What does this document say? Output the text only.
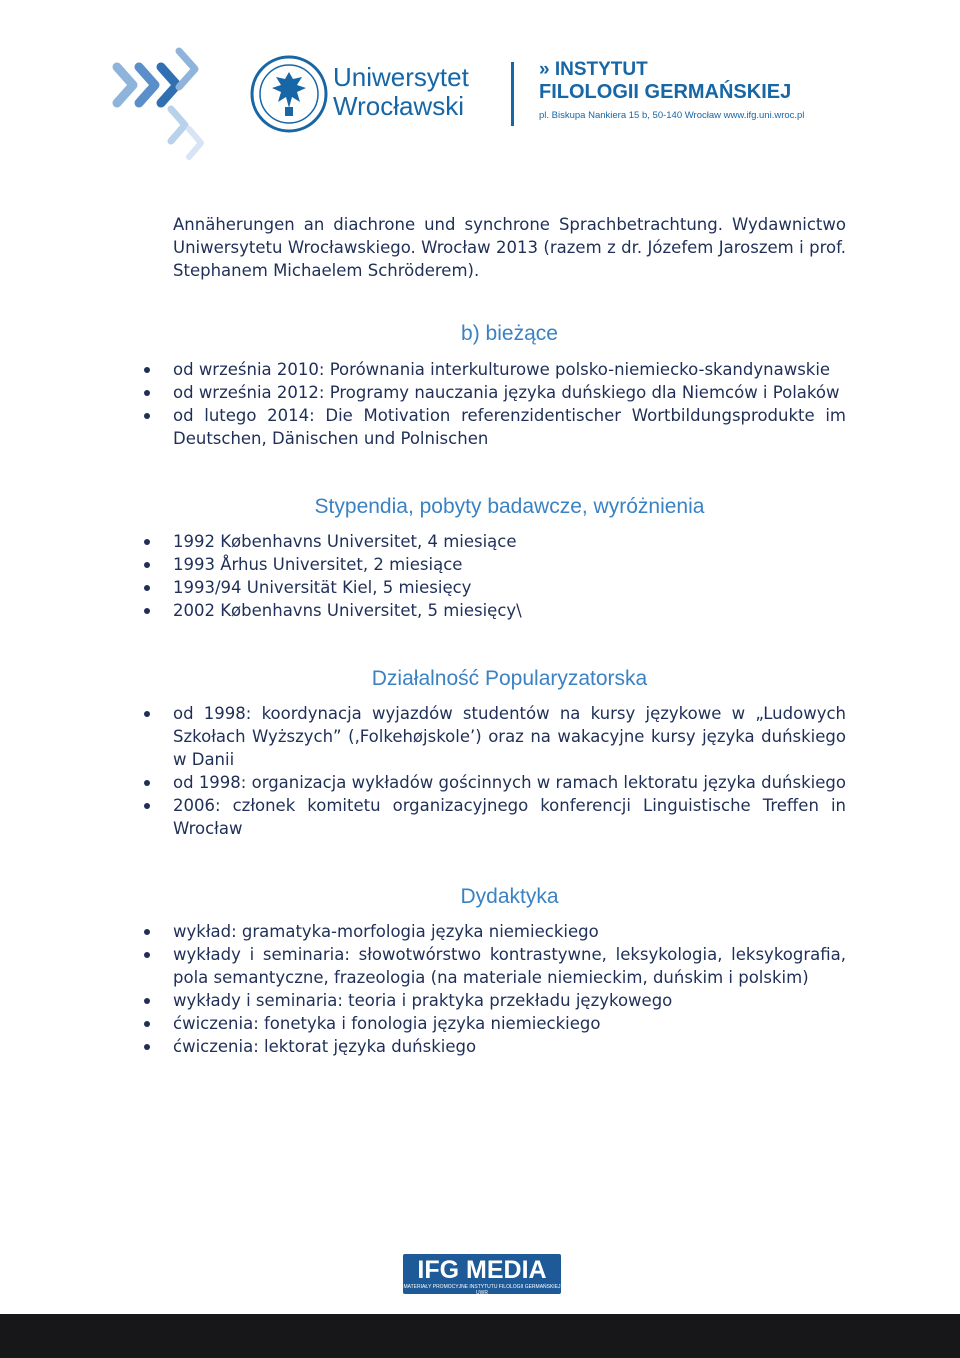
Uniwersytet
Wrocławski
» INSTYTUT
FILOLOGII GERMAŃSKIEJ
pl. Biskupa Nankiera 15 b, 50-140 Wrocław www.ifg.uni.wroc.pl

Annäherungen an diachrone und synchrone Sprachbetrachtung. Wydawnictwo Uniwersytetu Wrocławskiego. Wrocław 2013 (razem z dr. Józefem Jaroszem i prof. Stephanem Michaelem Schröderem).

b) bieżące
od września 2010: Porównania interkulturowe polsko-niemiecko-skandynawskie
od września 2012: Programy nauczania języka duńskiego dla Niemców i Polaków
od lutego 2014: Die Motivation referenzidentischer Wortbildungsprodukte im Deutschen, Dänischen und Polnischen
Stypendia, pobyty badawcze, wyróżnienia
1992 Københavns Universitet, 4 miesiące
1993 Århus Universitet, 2 miesiące
1993/94 Universität Kiel, 5 miesięcy
2002 Københavns Universitet, 5 miesięcy\
Działalność Popularyzatorska
od 1998: koordynacja wyjazdów studentów na kursy językowe w „Ludowych Szkołach Wyższych” (‚Folkehøjskole’) oraz na wakacyjne kursy języka duńskiego w Danii
od 1998: organizacja wykładów gościnnych w ramach lektoratu języka duńskiego
2006: członek komitetu organizacyjnego konferencji Linguistische Treffen in Wrocław
Dydaktyka
wykład: gramatyka-morfologia języka niemieckiego
wykłady i seminaria: słowotwórstwo kontrastywne, leksykologia, leksykografia, pola semantyczne, frazeologia (na materiale niemieckim, duńskim i polskim)
wykłady i seminaria: teoria i praktyka przekładu językowego
ćwiczenia: fonetyka i fonologia języka niemieckiego
ćwiczenia: lektorat języka duńskiego
IFG MEDIA
MATERIAŁY PROMOCYJNE INSTYTUTU FILOLOGII GERMAŃSKIEJ UWR
